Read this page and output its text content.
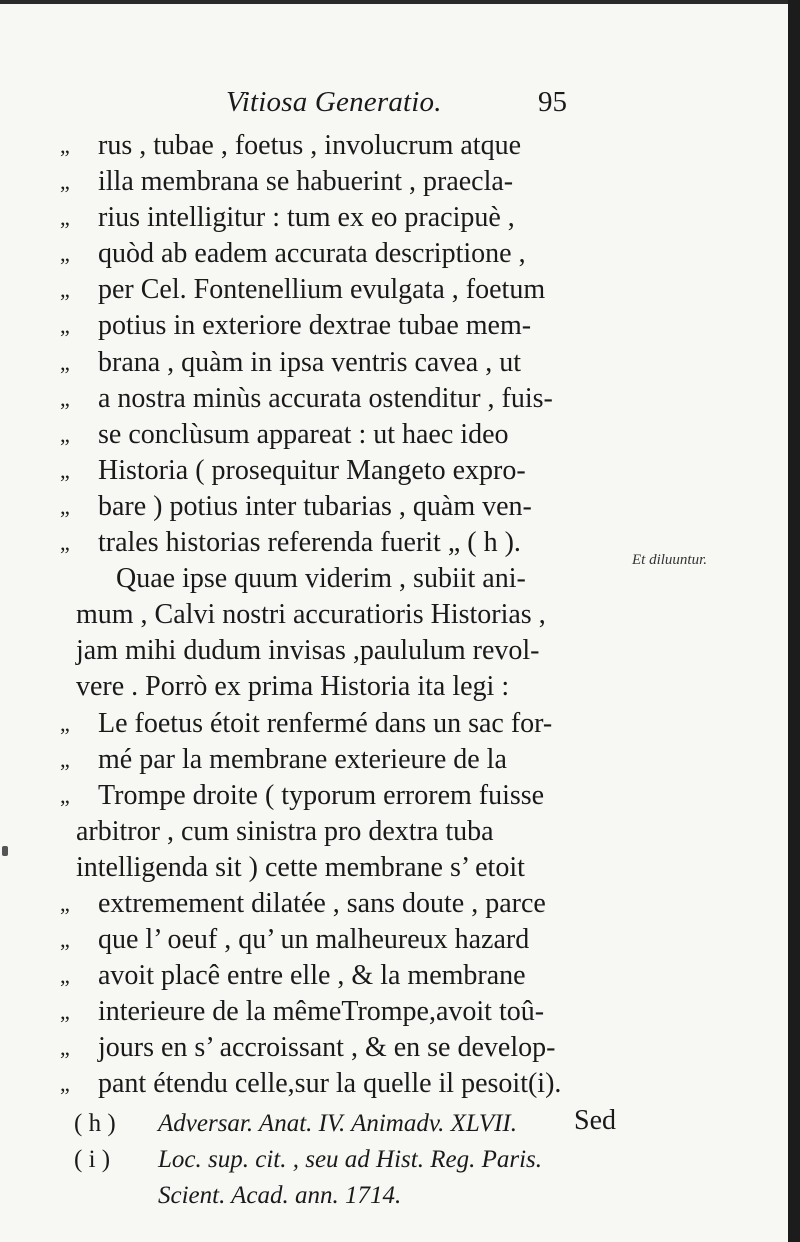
Vitiosa Generatio.	95
„	rus , tubae , foetus , involucrum atque
„	illa membrana se habuerint , praecla-
„	rius intelligitur : tum ex eo pracipuè ,
„	quòd ab eadem accurata descriptione ,
„	per Cel. Fontenellium evulgata , foetum
„	potius in exteriore dextrae tubae mem-
„	brana , quàm in ipsa ventris cavea , ut
„	a nostra minùs accurata ostenditur , fuis-
„	se conclùsum appareat : ut haec ideo
„	Historia ( prosequitur Mangeto expro-
„	bare ) potius inter tubarias , quàm ven-
„	trales historias referenda fuerit „ ( h ).
Quae ipse quum viderim , subiit ani-
mum , Calvi nostri accuratioris Historias ,
jam mihi dudum invisas ,paululum revol-
vere . Porrò ex prima Historia ita legi :
„	Le foetus étoit renfermé dans un sac for-
„	mé par la membrane exterieure de la
„	Trompe droite ( typorum errorem fuisse
arbitror , cum sinistra pro dextra tuba
intelligenda sit ) cette membrane s’ etoit
„	extremement dilatée , sans doute , parce
„	que l’ oeuf , qu’ un malheureux hazard
„	avoit placê entre elle , & la membrane
„	interieure de la mêmeTrompe,avoit toû-
„	jours en s’ accroissant , & en se develop-
„	pant étendu celle,sur la quelle il pesoit(i).
Sed
Et diluuntur.
( h ) Adversar. Anat. IV. Animadv. XLVII.
( i ) Loc. sup. cit. , seu ad Hist. Reg. Paris.
Scient. Acad. ann. 1714.
